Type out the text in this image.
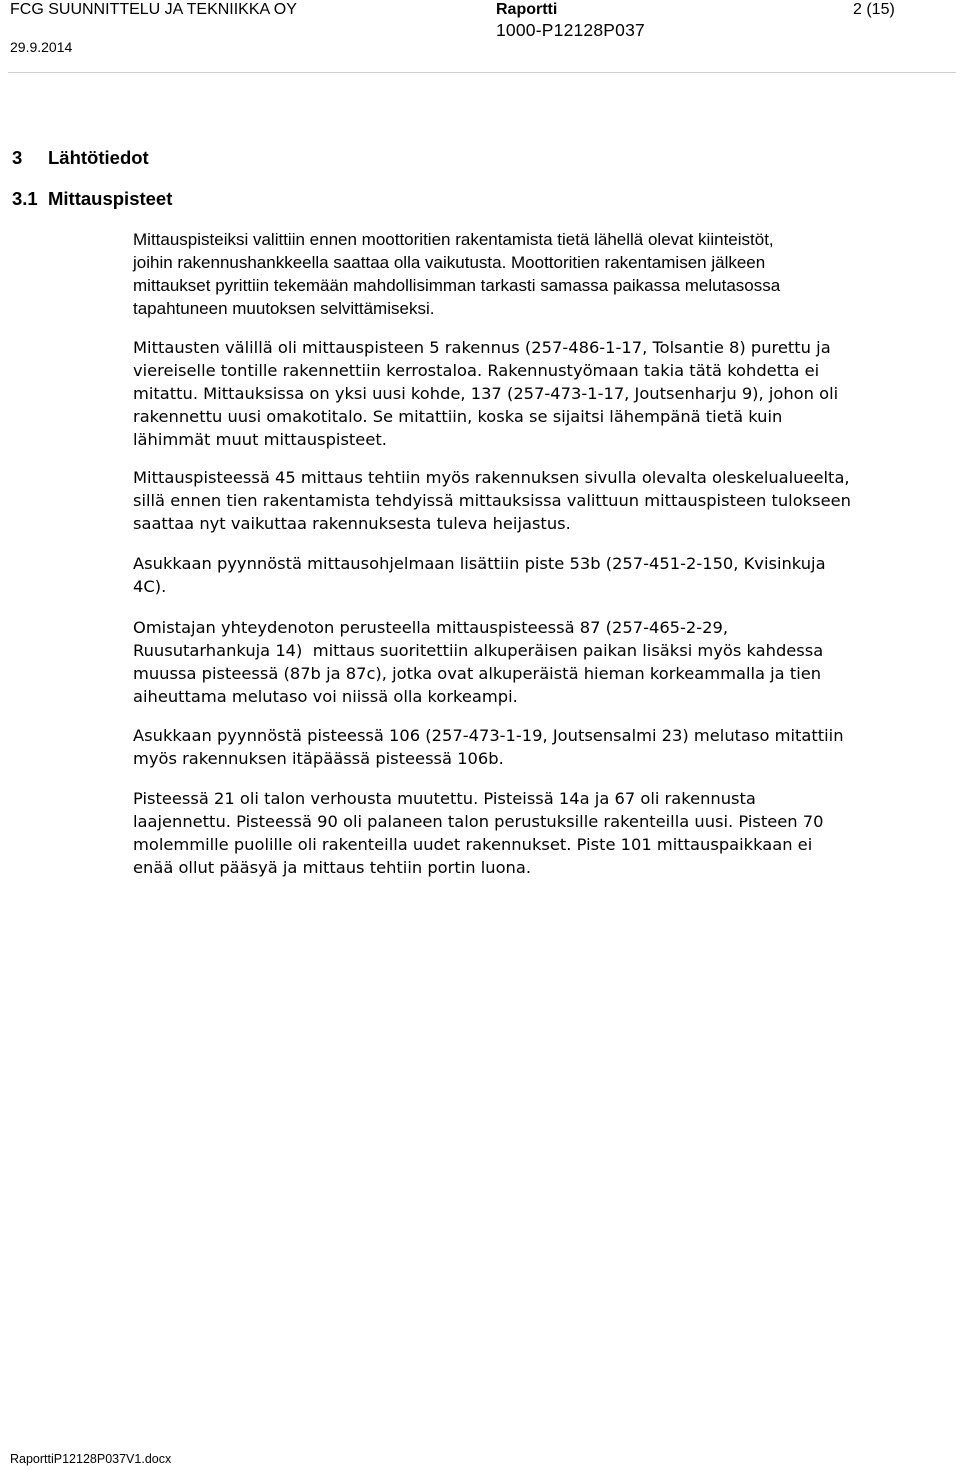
FCG SUUNNITTELU JA TEKNIIKKA OY
29.9.2014
Raportti
1000-P12128P037
2 (15)
3 Lähtötiedot
3.1 Mittauspisteet
Mittauspisteiksi valittiin ennen moottoritien rakentamista tietä lähellä olevat kiinteistöt,
joihin rakennushankkeella saattaa olla vaikutusta. Moottoritien rakentamisen jälkeen
mittaukset pyrittiin tekemään mahdollisimman tarkasti samassa paikassa melutasossa
tapahtuneen muutoksen selvittämiseksi.
Mittausten välillä oli mittauspisteen 5 rakennus (257-486-1-17, Tolsantie 8) purettu ja
viereiselle tontille rakennettiin kerrostaloa. Rakennustyömaan takia tätä kohdetta ei
mitattu. Mittauksissa on yksi uusi kohde, 137 (257-473-1-17, Joutsenharju 9), johon oli
rakennettu uusi omakotitalo. Se mitattiin, koska se sijaitsi lähempänä tietä kuin
lähimmät muut mittauspisteet.
Mittauspisteessä 45 mittaus tehtiin myös rakennuksen sivulla olevalta oleskelualueelta,
sillä ennen tien rakentamista tehdyissä mittauksissa valittuun mittauspisteen tulokseen
saattaa nyt vaikuttaa rakennuksesta tuleva heijastus.
Asukkaan pyynnöstä mittausohjelmaan lisättiin piste 53b (257-451-2-150, Kvisinkuja
4C).
Omistajan yhteydenoton perusteella mittauspisteessä 87 (257-465-2-29,
Ruusutarhankuja 14)  mittaus suoritettiin alkuperäisen paikan lisäksi myös kahdessa
muussa pisteessä (87b ja 87c), jotka ovat alkuperäistä hieman korkeammalla ja tien
aiheuttama melutaso voi niissä olla korkeampi.
Asukkaan pyynnöstä pisteessä 106 (257-473-1-19, Joutsensalmi 23) melutaso mitattiin
myös rakennuksen itäpäässä pisteessä 106b.
Pisteessä 21 oli talon verhousta muutettu. Pisteissä 14a ja 67 oli rakennusta
laajennettu. Pisteessä 90 oli palaneen talon perustuksille rakenteilla uusi. Pisteen 70
molemmille puolille oli rakenteilla uudet rakennukset. Piste 101 mittauspaikkaan ei
enää ollut pääsyä ja mittaus tehtiin portin luona.
RaporttiP12128P037V1.docx
